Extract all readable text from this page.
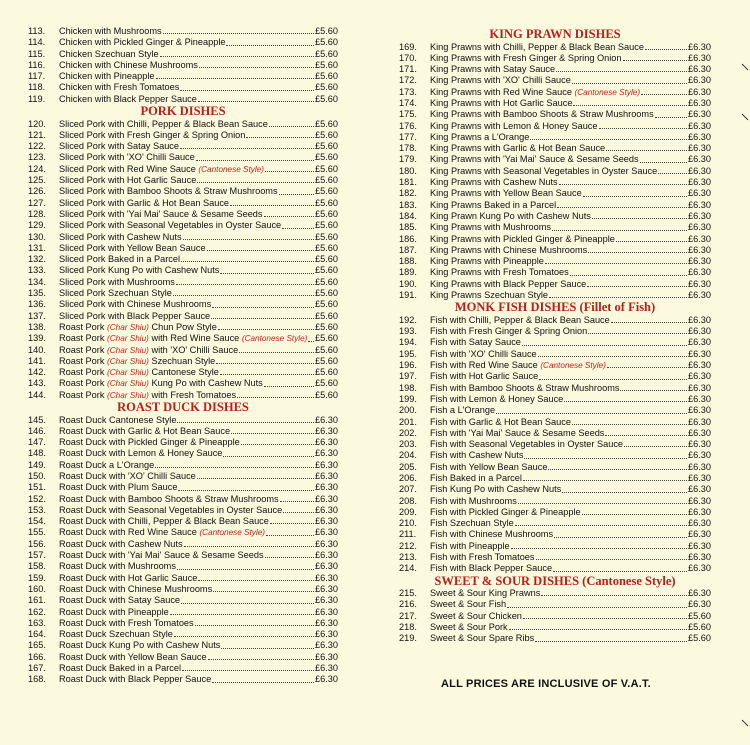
113.	Chicken with Mushrooms	£5.60
114.	Chicken with Pickled Ginger & Pineapple	£5.60
115.	Chicken Szechuan Style	£5.60
116.	Chicken with Chinese Mushrooms	£5.60
117.	Chicken with Pineapple	£5.60
118.	Chicken with Fresh Tomatoes	£5.60
119.	Chicken with Black Pepper Sauce	£5.60
PORK DISHES
120.	Sliced Pork with Chilli, Pepper & Black Bean Sauce	£5.60
121.	Sliced Pork with Fresh Ginger & Spring Onion	£5.60
122.	Sliced Pork with Satay Sauce	£5.60
123.	Sliced Pork with 'XO' Chilli Sauce	£5.60
124.	Sliced Pork with Red Wine Sauce (Cantonese Style)	£5.60
125.	Sliced Pork with Hot Garlic Sauce	£5.60
126.	Sliced Pork with Bamboo Shoots & Straw Mushrooms	£5.60
127.	Sliced Pork with Garlic & Hot Bean Sauce	£5.60
128.	Sliced Pork with 'Yai Mai' Sauce & Sesame Seeds	£5.60
129.	Sliced Pork with Seasonal Vegetables in Oyster Sauce	£5.60
130.	Sliced Pork with Cashew Nuts	£5.60
131.	Sliced Pork with Yellow Bean Sauce	£5.60
132.	Sliced Pork Baked in a Parcel	£5.60
133.	Sliced Pork Kung Po with Cashew Nuts	£5.60
134.	Sliced Pork with Mushrooms	£5.60
135.	Sliced Pork Szechuan Style	£5.60
136.	Sliced Pork with Chinese Mushrooms	£5.60
137.	Sliced Pork with Black Pepper Sauce	£5.60
138.	Roast Pork (Char Shiu) Chun Pow Style	£5.60
139.	Roast Pork (Char Shiu) with Red Wine Sauce (Cantonese Style) £5.60
140.	Roast Pork (Char Shiu) with 'XO' Chilli Sauce	£5.60
141.	Roast Pork (Char Shiu) Szechuan Style	£5.60
142.	Roast Pork (Char Shiu) Cantonese Style	£5.60
143.	Roast Pork (Char Shiu) Kung Po with Cashew Nuts	£5.60
144.	Roast Pork (Char Shiu) with Fresh Tomatoes	£5.60
ROAST DUCK DISHES
145.	Roast Duck Cantonese Style	£6.30
146.	Roast Duck with Garlic & Hot Bean Sauce	£6.30
147.	Roast Duck with Pickled Ginger & Pineapple	£6.30
148.	Roast Duck with Lemon & Honey Sauce	£6.30
149.	Roast Duck a L'Orange	£6.30
150.	Roast Duck with 'XO' Chilli Sauce	£6.30
151.	Roast Duck with Plum Sauce	£6.30
152.	Roast Duck with Bamboo Shoots & Straw Mushrooms	£6.30
153.	Roast Duck with Seasonal Vegetables in Oyster Sauce	£6.30
154.	Roast Duck with Chilli, Pepper & Black Bean Sauce	£6.30
155.	Roast Duck with Red Wine Sauce (Cantonese Style)	£6.30
156.	Roast Duck with Cashew Nuts	£6.30
157.	Roast Duck with 'Yai Mai' Sauce & Sesame Seeds	£6.30
158.	Roast Duck with Mushrooms	£6.30
159.	Roast Duck with Hot Garlic Sauce	£6.30
160.	Roast Duck with Chinese Mushrooms	£6.30
161.	Roast Duck with Satay Sauce	£6.30
162.	Roast Duck with Pineapple	£6.30
163.	Roast Duck with Fresh Tomatoes	£6.30
164.	Roast Duck Szechuan Style	£6.30
165.	Roast Duck Kung Po with Cashew Nuts	£6.30
166.	Roast Duck with Yellow Bean Sauce	£6.30
167.	Roast Duck Baked in a Parcel	£6.30
168.	Roast Duck with Black Pepper Sauce	£6.30
KING PRAWN DISHES
169.	King Prawns with Chilli, Pepper & Black Bean Sauce	£6.30
170.	King Prawns with Fresh Ginger & Spring Onion	£6.30
171.	King Prawns with Satay Sauce	£6.30
172.	King Prawns with 'XO' Chilli Sauce	£6.30
173.	King Prawns with Red Wine Sauce (Cantonese Style)	£6.30
174.	King Prawns with Hot Garlic Sauce	£6.30
175.	King Prawns with Bamboo Shoots & Straw Mushrooms	£6.30
176.	King Prawns with Lemon & Honey Sauce	£6.30
177.	King Prawns a L'Orange	£6.30
178.	King Prawns with Garlic & Hot Bean Sauce	£6.30
179.	King Prawns with 'Yai Mai' Sauce & Sesame Seeds	£6.30
180.	King Prawns with Seasonal Vegetables in Oyster Sauce	£6.30
181.	King Prawns with Cashew Nuts	£6.30
182.	King Prawns with Yellow Bean Sauce	£6.30
183.	King Prawns Baked in a Parcel	£6.30
184.	King Prawn Kung Po with Cashew Nuts	£6.30
185.	King Prawns with Mushrooms	£6.30
186.	King Prawns with Pickled Ginger & Pineapple	£6.30
187.	King Prawns with Chinese Mushrooms	£6.30
188.	King Prawns with Pineapple	£6.30
189.	King Prawns with Fresh Tomatoes	£6.30
190.	King Prawns with Black Pepper Sauce	£6.30
191.	King Prawns Szechuan Style	£6.30
MONK FISH DISHES (Fillet of Fish)
192.	Fish with Chilli, Pepper & Black Bean Sauce	£6.30
193.	Fish with Fresh Ginger & Spring Onion	£6.30
194.	Fish with Satay Sauce	£6.30
195.	Fish with 'XO' Chilli Sauce	£6.30
196.	Fish with Red Wine Sauce (Cantonese Style)	£6.30
197.	Fish with Hot Garlic Sauce	£6.30
198.	Fish with Bamboo Shoots & Straw Mushrooms	£6.30
199.	Fish with Lemon & Honey Sauce	£6.30
200.	Fish a L'Orange	£6.30
201.	Fish with Garlic & Hot Bean Sauce	£6.30
202.	Fish with 'Yai Mai' Sauce & Sesame Seeds	£6.30
203.	Fish with Seasonal Vegetables in Oyster Sauce	£6.30
204.	Fish with Cashew Nuts	£6.30
205.	Fish with Yellow Bean Sauce	£6.30
206.	Fish Baked in a Parcel	£6.30
207.	Fish Kung Po with Cashew Nuts	£6.30
208.	Fish with Mushrooms	£6.30
209.	Fish with Pickled Ginger & Pineapple	£6.30
210.	Fish Szechuan Style	£6.30
211.	Fish with Chinese Mushrooms	£6.30
212.	Fish with Pineapple	£6.30
213.	Fish with Fresh Tomatoes	£6.30
214.	Fish with Black Pepper Sauce	£6.30
SWEET & SOUR DISHES (Cantonese Style)
215.	Sweet & Sour King Prawns	£6.30
216.	Sweet & Sour Fish	£6.30
217.	Sweet & Sour Chicken	£5.60
218.	Sweet & Sour Pork	£5.60
219.	Sweet & Sour Spare Ribs	£5.60
ALL PRICES ARE INCLUSIVE OF V.A.T.
